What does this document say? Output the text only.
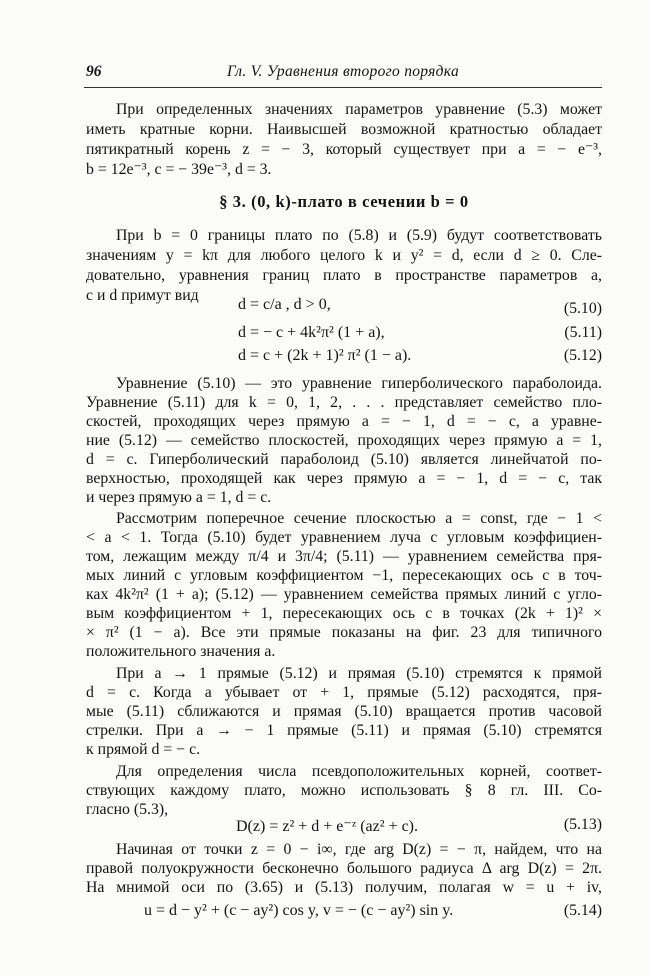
96	Гл. V. Уравнения второго порядка

При определенных значениях параметров уравнение (5.3) может

иметь кратные корни. Наивысшей возможной кратностью обладает

пятикратный корень z = − 3, который существует при a = − e⁻³,

b = 12e⁻³, c = − 39e⁻³, d = 3.

§ 3. (0, k)-плато в сечении b = 0

При b = 0 границы плато по (5.8) и (5.9) будут соответствовать

значениям y = kπ для любого целого k и y² = d, если d ≥ 0. Сле-

довательно, уравнения границ плато в пространстве параметров a,

c и d примут вид

d = c/a , d > 0,	(5.10)
d = − c + 4k²π² (1 + a),	(5.11)
d = c + (2k + 1)² π² (1 − a).	(5.12)

Уравнение (5.10) — это уравнение гиперболического параболоида.

Уравнение (5.11) для k = 0, 1, 2, . . . представляет семейство пло-

скостей, проходящих через прямую a = − 1, d = − c, а уравне-

ние (5.12) — семейство плоскостей, проходящих через прямую a = 1,

d = c. Гиперболический параболоид (5.10) является линейчатой по-

верхностью, проходящей как через прямую a = − 1, d = − c, так

и через прямую a = 1, d = c.

Рассмотрим поперечное сечение плоскостью a = const, где − 1 <

< a < 1. Тогда (5.10) будет уравнением луча с угловым коэффициен-

том, лежащим между π/4 и 3π/4; (5.11) — уравнением семейства пря-

мых линий с угловым коэффициентом −1, пересекающих ось c в точ-

ках 4k²π² (1 + a); (5.12) — уравнением семейства прямых линий с углo-

вым коэффициентом + 1, пересекающих ось c в точках (2k + 1)² ×

× π² (1 − a). Все эти прямые показаны на фиг. 23 для типичного

положительного значения a.

При a → 1 прямые (5.12) и прямая (5.10) стремятся к прямой

d = c. Когда a убывает от + 1, прямые (5.12) расходятся, пря-

мые (5.11) сближаются и прямая (5.10) вращается против часовой

стрелки. При a → − 1 прямые (5.11) и прямая (5.10) стремятся

к прямой d = − c.

Для определения числа псевдоположительных корней, соответ-

ствующих каждому плато, можно использовать § 8 гл. III. Со-

гласно (5.3),

D(z) = z² + d + e⁻ᶻ (az² + c).	(5.13)

Начиная от точки z = 0 − i∞, где arg D(z) = − π, найдем, что на

правой полуокружности бесконечно большого радиуса Δ arg D(z) = 2π.

На мнимой оси по (3.65) и (5.13) получим, полагая w = u + iv,

u = d − y² + (c − ay²) cos y, v = − (c − ay²) sin y.	(5.14)
